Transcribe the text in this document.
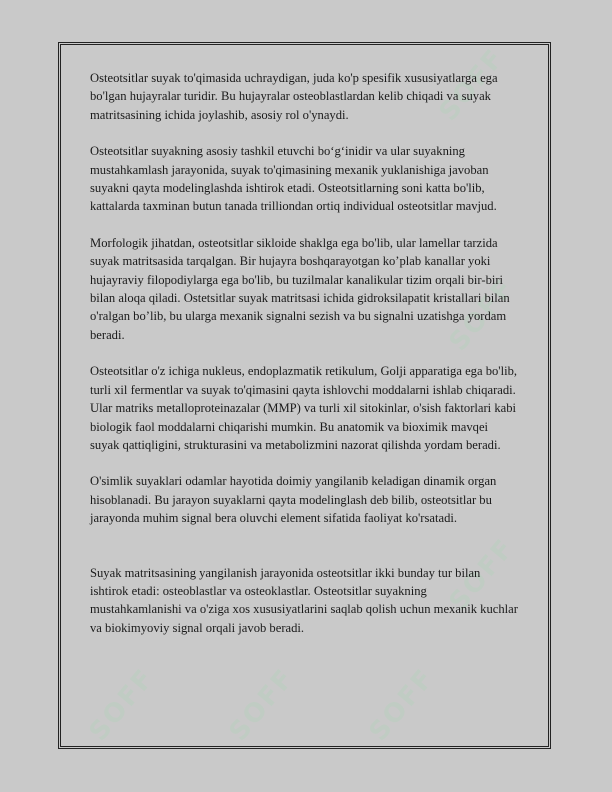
SOFF SOFF SOFF
SOFF
SOFF
SOFF

Osteotsitlar suyak to'qimasida uchraydigan, juda ko'p spesifik xususiyatlarga ega bo'lgan hujayralar turidir. Bu hujayralar osteoblastlardan kelib chiqadi va suyak matritsasining ichida joylashib, asosiy rol o'ynaydi.

Osteotsitlar suyakning asosiy tashkil etuvchi bo‘g‘inidir va ular suyakning mustahkamlash jarayonida, suyak to'qimasining mexanik yuklanishiga javoban suyakni qayta modelinglashda ishtirok etadi. Osteotsitlarning soni katta bo'lib, kattalarda taxminan butun tanada trilliondan ortiq individual osteotsitlar mavjud.

Morfologik jihatdan, osteotsitlar sikloide shaklga ega bo'lib, ular lamellar tarzida suyak matritsasida tarqalgan. Bir hujayra boshqarayotgan ko’plab kanallar yoki hujayraviy filopodiylarga ega bo'lib, bu tuzilmalar kanalikular tizim orqali bir-biri bilan aloqa qiladi. Ostetsitlar suyak matritsasi ichida gidroksilapatit kristallari bilan o'ralgan bo’lib, bu ularga mexanik signalni sezish va bu signalni uzatishga yordam beradi.

Osteotsitlar o'z ichiga nukleus, endoplazmatik retikulum, Golji apparatiga ega bo'lib, turli xil fermentlar va suyak to'qimasini qayta ishlovchi moddalarni ishlab chiqaradi. Ular matriks metalloproteinazalar (MMP) va turli xil sitokinlar, o'sish faktorlari kabi biologik faol moddalarni chiqarishi mumkin. Bu anatomik va bioximik mavqei suyak qattiqligini, strukturasini va metabolizmini nazorat qilishda yordam beradi.

O'simlik suyaklari odamlar hayotida doimiy yangilanib keladigan dinamik organ hisoblanadi. Bu jarayon suyaklarni qayta modelinglash deb bilib, osteotsitlar bu jarayonda muhim signal bera oluvchi element sifatida faoliyat ko'rsatadi.

Suyak matritsasining yangilanish jarayonida osteotsitlar ikki bunday tur bilan ishtirok etadi: osteoblastlar va osteoklastlar. Osteotsitlar suyakning mustahkamlanishi va o'ziga xos xususiyatlarini saqlab qolish uchun mexanik kuchlar va biokimyoviy signal orqali javob beradi.
